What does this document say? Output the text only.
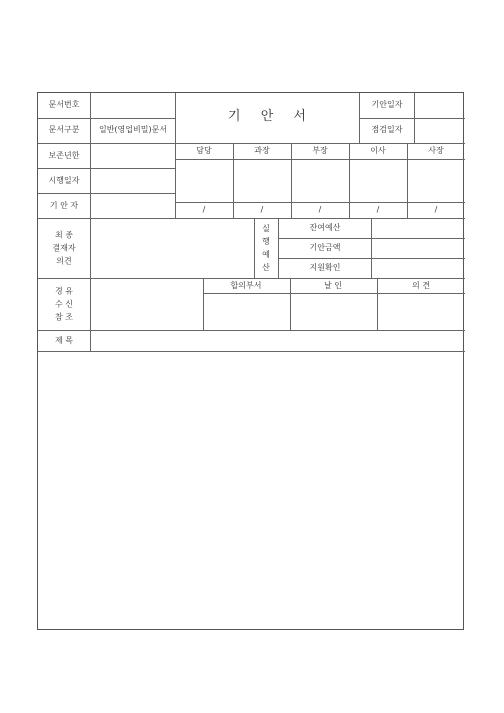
문서번호
문서구분 일반(영업비밀)문서
기 안 서
기안일자
점검일자
보존년한
시행일자
기 안 자
담당	과장	부장	이사	사장
/	/	/	/	/
최 종
결재자
의견
실
행
예
산
잔여예산
기안금액
지원확인
경 유
수 신
참 조
합의부서	날 인	의 견
제 목
